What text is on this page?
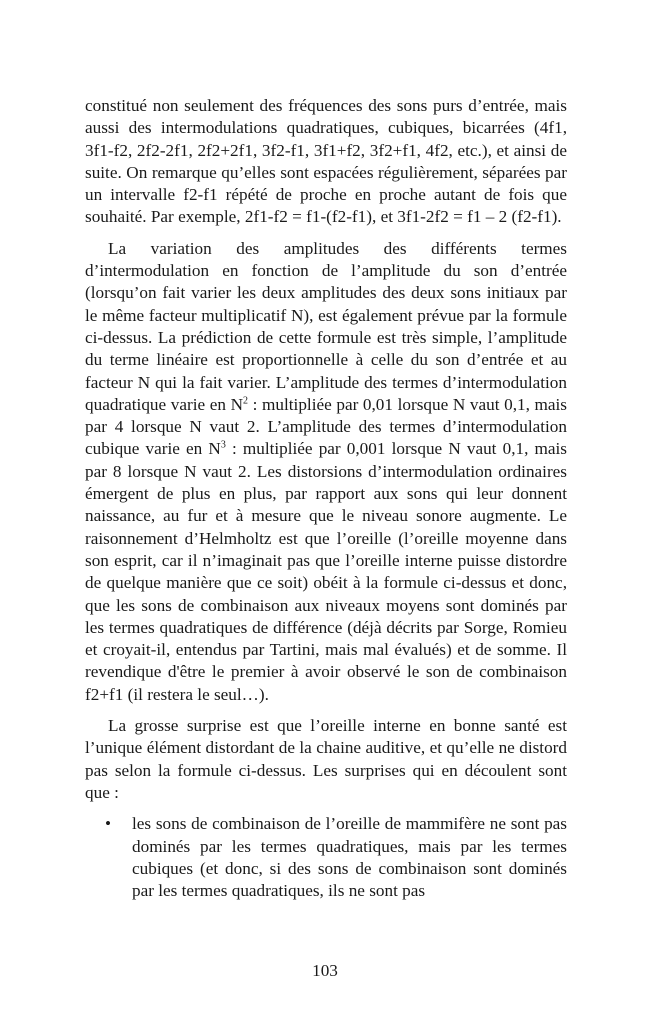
constitué non seulement des fréquences des sons purs d’entrée, mais aussi des intermodulations quadratiques, cubiques, bicarrées (4f1, 3f1-f2, 2f2-2f1, 2f2+2f1, 3f2-f1, 3f1+f2, 3f2+f1, 4f2, etc.), et ainsi de suite. On remarque qu’elles sont espacées régulièrement, séparées par un intervalle f2-f1 répété de proche en proche autant de fois que souhaité. Par exemple, 2f1-f2 = f1-(f2-f1), et 3f1-2f2 = f1 – 2 (f2-f1).

La variation des amplitudes des différents termes d’intermodulation en fonction de l’amplitude du son d’entrée (lorsqu’on fait varier les deux amplitudes des deux sons initiaux par le même facteur multiplicatif N), est également prévue par la formule ci-dessus. La prédiction de cette formule est très simple, l’amplitude du terme linéaire est proportionnelle à celle du son d’entrée et au facteur N qui la fait varier. L’amplitude des termes d’intermodulation quadratique varie en $N^2$ : multipliée par 0,01 lorsque N vaut 0,1, mais par 4 lorsque N vaut 2. L’amplitude des termes d’intermodulation cubique varie en $N^3$ : multipliée par 0,001 lorsque N vaut 0,1, mais par 8 lorsque N vaut 2. Les distorsions d’intermodulation ordinaires émergent de plus en plus, par rapport aux sons qui leur donnent naissance, au fur et à mesure que le niveau sonore augmente. Le raisonnement d’Helmholtz est que l’oreille (l’oreille moyenne dans son esprit, car il n’imaginait pas que l’oreille interne puisse distordre de quelque manière que ce soit) obéit à la formule ci-dessus et donc, que les sons de combinaison aux niveaux moyens sont dominés par les termes quadratiques de différence (déjà décrits par Sorge, Romieu et croyait-il, entendus par Tartini, mais mal évalués) et de somme. Il revendique d'être le premier à avoir observé le son de combinaison f2+f1 (il restera le seul…).

La grosse surprise est que l’oreille interne en bonne santé est l’unique élément distordant de la chaine auditive, et qu’elle ne distord pas selon la formule ci-dessus. Les surprises qui en découlent sont que :

• les sons de combinaison de l’oreille de mammifère ne sont pas dominés par les termes quadratiques, mais par les termes cubiques (et donc, si des sons de combinaison sont dominés par les termes quadratiques, ils ne sont pas
103
